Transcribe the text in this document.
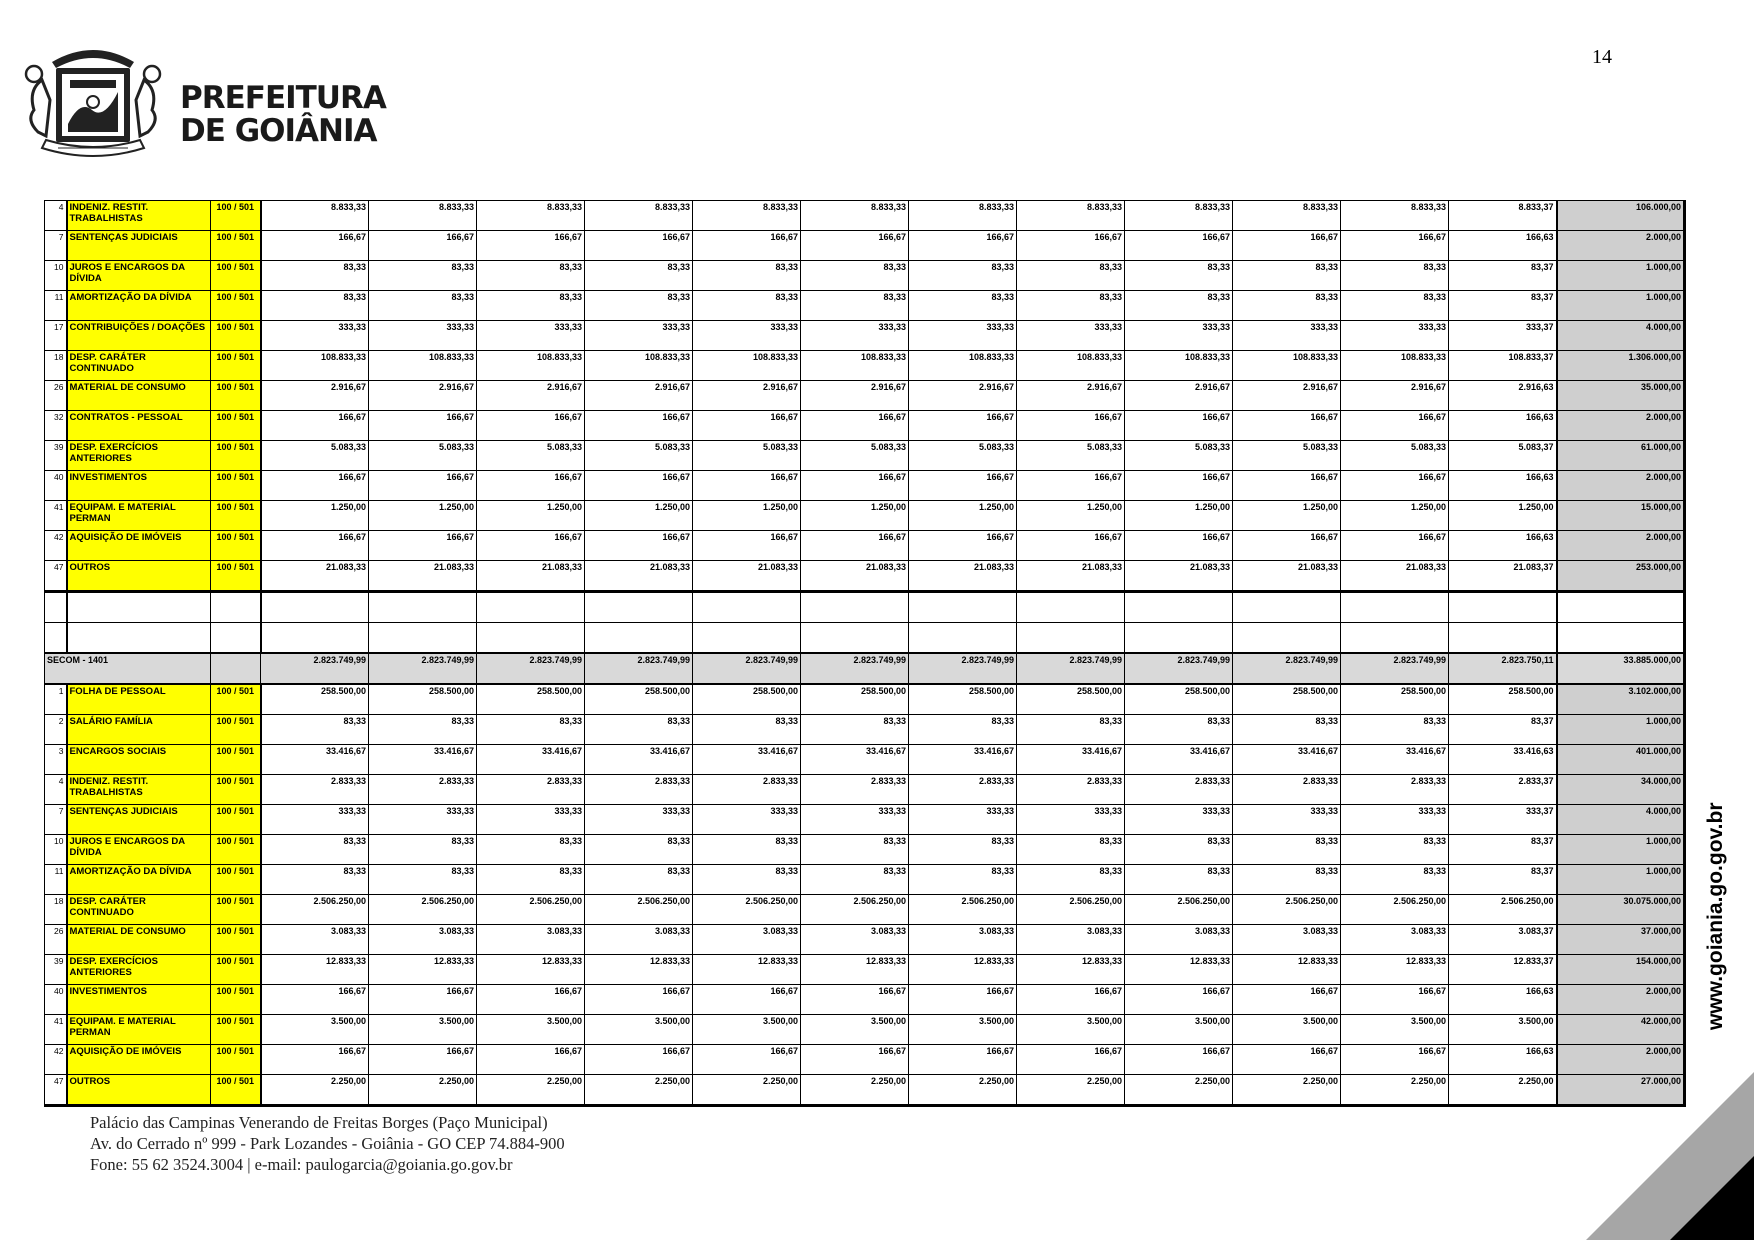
14
PREFEITURA
DE GOIÂNIA
4	INDENIZ. RESTIT. TRABALHISTAS	100 / 501	8.833,33	8.833,33	8.833,33	8.833,33	8.833,33	8.833,33	8.833,33	8.833,33	8.833,33	8.833,33	8.833,33	8.833,37	106.000,00
7	SENTENÇAS JUDICIAIS	100 / 501	166,67	166,67	166,67	166,67	166,67	166,67	166,67	166,67	166,67	166,67	166,67	166,63	2.000,00
10	JUROS E ENCARGOS DA DÍVIDA	100 / 501	83,33	83,33	83,33	83,33	83,33	83,33	83,33	83,33	83,33	83,33	83,33	83,37	1.000,00
11	AMORTIZAÇÃO DA DÍVIDA	100 / 501	83,33	83,33	83,33	83,33	83,33	83,33	83,33	83,33	83,33	83,33	83,33	83,37	1.000,00
17	CONTRIBUIÇÕES / DOAÇÕES	100 / 501	333,33	333,33	333,33	333,33	333,33	333,33	333,33	333,33	333,33	333,33	333,33	333,37	4.000,00
18	DESP. CARÁTER CONTINUADO	100 / 501	108.833,33	108.833,33	108.833,33	108.833,33	108.833,33	108.833,33	108.833,33	108.833,33	108.833,33	108.833,33	108.833,33	108.833,37	1.306.000,00
26	MATERIAL DE CONSUMO	100 / 501	2.916,67	2.916,67	2.916,67	2.916,67	2.916,67	2.916,67	2.916,67	2.916,67	2.916,67	2.916,67	2.916,67	2.916,63	35.000,00
32	CONTRATOS - PESSOAL	100 / 501	166,67	166,67	166,67	166,67	166,67	166,67	166,67	166,67	166,67	166,67	166,67	166,63	2.000,00
39	DESP. EXERCÍCIOS ANTERIORES	100 / 501	5.083,33	5.083,33	5.083,33	5.083,33	5.083,33	5.083,33	5.083,33	5.083,33	5.083,33	5.083,33	5.083,33	5.083,37	61.000,00
40	INVESTIMENTOS	100 / 501	166,67	166,67	166,67	166,67	166,67	166,67	166,67	166,67	166,67	166,67	166,67	166,63	2.000,00
41	EQUIPAM. E MATERIAL PERMAN	100 / 501	1.250,00	1.250,00	1.250,00	1.250,00	1.250,00	1.250,00	1.250,00	1.250,00	1.250,00	1.250,00	1.250,00	1.250,00	15.000,00
42	AQUISIÇÃO DE IMÓVEIS	100 / 501	166,67	166,67	166,67	166,67	166,67	166,67	166,67	166,67	166,67	166,67	166,67	166,63	2.000,00
47	OUTROS	100 / 501	21.083,33	21.083,33	21.083,33	21.083,33	21.083,33	21.083,33	21.083,33	21.083,33	21.083,33	21.083,33	21.083,33	21.083,37	253.000,00

SECOM - 1401			2.823.749,99	2.823.749,99	2.823.749,99	2.823.749,99	2.823.749,99	2.823.749,99	2.823.749,99	2.823.749,99	2.823.749,99	2.823.749,99	2.823.749,99	2.823.750,11	33.885.000,00
1	FOLHA DE PESSOAL	100 / 501	258.500,00	258.500,00	258.500,00	258.500,00	258.500,00	258.500,00	258.500,00	258.500,00	258.500,00	258.500,00	258.500,00	258.500,00	3.102.000,00
2	SALÁRIO FAMÍLIA	100 / 501	83,33	83,33	83,33	83,33	83,33	83,33	83,33	83,33	83,33	83,33	83,33	83,37	1.000,00
3	ENCARGOS SOCIAIS	100 / 501	33.416,67	33.416,67	33.416,67	33.416,67	33.416,67	33.416,67	33.416,67	33.416,67	33.416,67	33.416,67	33.416,67	33.416,63	401.000,00
4	INDENIZ. RESTIT. TRABALHISTAS	100 / 501	2.833,33	2.833,33	2.833,33	2.833,33	2.833,33	2.833,33	2.833,33	2.833,33	2.833,33	2.833,33	2.833,33	2.833,37	34.000,00
7	SENTENÇAS JUDICIAIS	100 / 501	333,33	333,33	333,33	333,33	333,33	333,33	333,33	333,33	333,33	333,33	333,33	333,37	4.000,00
10	JUROS E ENCARGOS DA DÍVIDA	100 / 501	83,33	83,33	83,33	83,33	83,33	83,33	83,33	83,33	83,33	83,33	83,33	83,37	1.000,00
11	AMORTIZAÇÃO DA DÍVIDA	100 / 501	83,33	83,33	83,33	83,33	83,33	83,33	83,33	83,33	83,33	83,33	83,33	83,37	1.000,00
18	DESP. CARÁTER CONTINUADO	100 / 501	2.506.250,00	2.506.250,00	2.506.250,00	2.506.250,00	2.506.250,00	2.506.250,00	2.506.250,00	2.506.250,00	2.506.250,00	2.506.250,00	2.506.250,00	2.506.250,00	30.075.000,00
26	MATERIAL DE CONSUMO	100 / 501	3.083,33	3.083,33	3.083,33	3.083,33	3.083,33	3.083,33	3.083,33	3.083,33	3.083,33	3.083,33	3.083,33	3.083,37	37.000,00
39	DESP. EXERCÍCIOS ANTERIORES	100 / 501	12.833,33	12.833,33	12.833,33	12.833,33	12.833,33	12.833,33	12.833,33	12.833,33	12.833,33	12.833,33	12.833,33	12.833,37	154.000,00
40	INVESTIMENTOS	100 / 501	166,67	166,67	166,67	166,67	166,67	166,67	166,67	166,67	166,67	166,67	166,67	166,63	2.000,00
41	EQUIPAM. E MATERIAL PERMAN	100 / 501	3.500,00	3.500,00	3.500,00	3.500,00	3.500,00	3.500,00	3.500,00	3.500,00	3.500,00	3.500,00	3.500,00	3.500,00	42.000,00
42	AQUISIÇÃO DE IMÓVEIS	100 / 501	166,67	166,67	166,67	166,67	166,67	166,67	166,67	166,67	166,67	166,67	166,67	166,63	2.000,00
47	OUTROS	100 / 501	2.250,00	2.250,00	2.250,00	2.250,00	2.250,00	2.250,00	2.250,00	2.250,00	2.250,00	2.250,00	2.250,00	2.250,00	27.000,00
www.goiania.go.gov.br
Palácio das Campinas Venerando de Freitas Borges (Paço Municipal)
Av. do Cerrado nº 999 - Park Lozandes - Goiânia - GO CEP 74.884-900
Fone: 55 62 3524.3004 | e-mail: paulogarcia@goiania.go.gov.br
